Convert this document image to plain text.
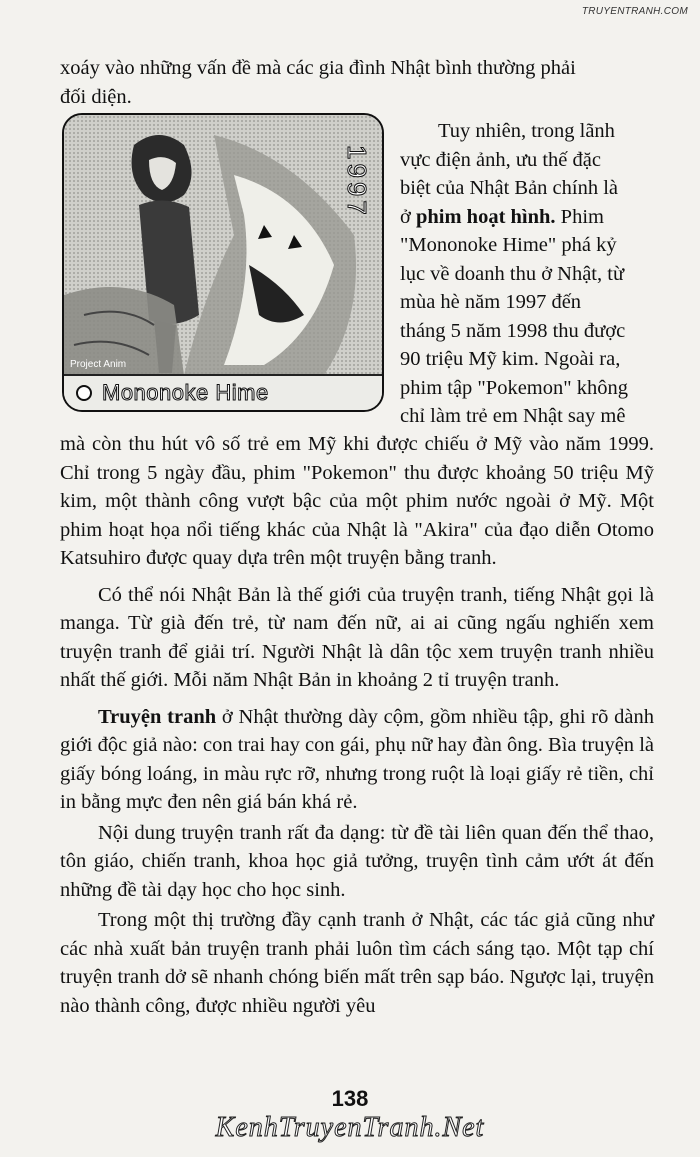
TRUYENTRANH.COM

xoáy vào những vấn đề mà các gia đình Nhật bình thường phải

đối diện.

1997
Project Anim
Mononoke Hime

Tuy nhiên, trong lãnh

vực điện ảnh, ưu thế đặc

biệt của Nhật Bản chính là

ở phim hoạt hình. Phim

"Mononoke Hime" phá kỷ

lục về doanh thu ở Nhật, từ

mùa hè năm 1997 đến

tháng 5 năm 1998 thu được

90 triệu Mỹ kim. Ngoài ra,

phim tập "Pokemon" không

chỉ làm trẻ em Nhật say mê

mà còn thu hút vô số trẻ em Mỹ khi được chiếu ở Mỹ vào năm 1999. Chỉ trong 5 ngày đầu, phim "Pokemon" thu được khoảng 50 triệu Mỹ kim, một thành công vượt bậc của một phim nước ngoài ở Mỹ. Một phim hoạt họa nổi tiếng khác của Nhật là "Akira" của đạo diễn Otomo Katsuhiro được quay dựa trên một truyện bằng tranh.

Có thể nói Nhật Bản là thế giới của truyện tranh, tiếng Nhật gọi là manga. Từ già đến trẻ, từ nam đến nữ, ai ai cũng ngấu nghiến xem truyện tranh để giải trí. Người Nhật là dân tộc xem truyện tranh nhiều nhất thế giới. Mỗi năm Nhật Bản in khoảng 2 tỉ truyện tranh.

Truyện tranh ở Nhật thường dày cộm, gồm nhiều tập, ghi rõ dành giới độc giả nào: con trai hay con gái, phụ nữ hay đàn ông. Bìa truyện là giấy bóng loáng, in màu rực rỡ, nhưng trong ruột là loại giấy rẻ tiền, chỉ in bằng mực đen nên giá bán khá rẻ.

Nội dung truyện tranh rất đa dạng: từ đề tài liên quan đến thể thao, tôn giáo, chiến tranh, khoa học giả tưởng, truyện tình cảm ướt át đến những đề tài dạy học cho học sinh.

Trong một thị trường đầy cạnh tranh ở Nhật, các tác giả cũng như các nhà xuất bản truyện tranh phải luôn tìm cách sáng tạo. Một tạp chí truyện tranh dở sẽ nhanh chóng biến mất trên sạp báo. Ngược lại, truyện nào thành công, được nhiều người yêu

138
KenhTruyenTranh.Net
